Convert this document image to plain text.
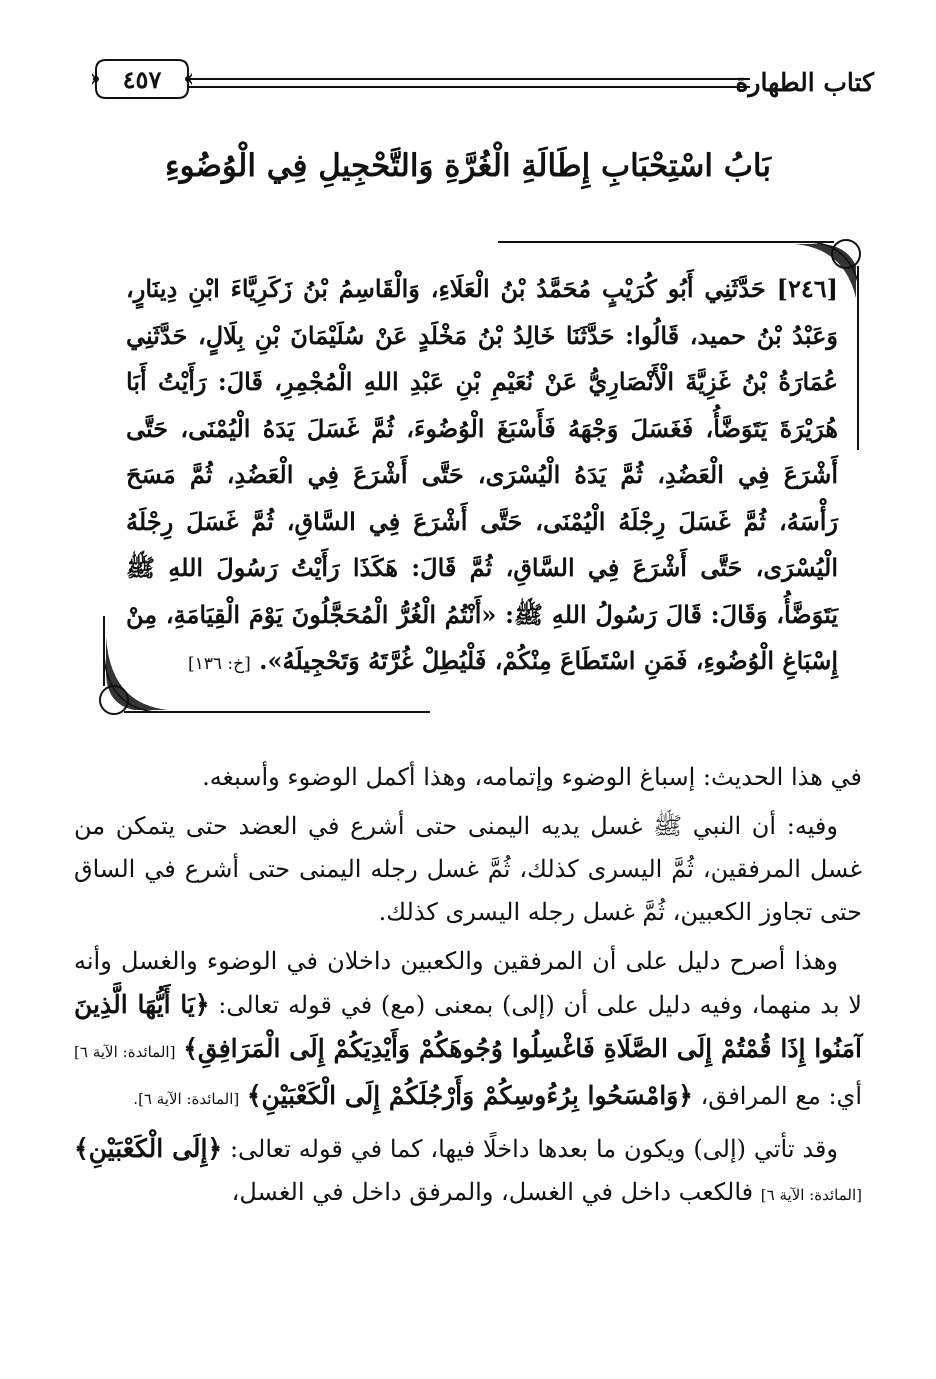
كتاب الطهارة
٤٥٧
بَابُ اسْتِحْبَابِ إِطَالَةِ الْغُرَّةِ وَالتَّحْجِيلِ فِي الْوُضُوءِ
[٢٤٦] حَدَّثَنِي أَبُو كُرَيْبٍ مُحَمَّدُ بْنُ الْعَلَاءِ، وَالْقَاسِمُ بْنُ زَكَرِيَّاءَ ابْنِ دِينَارٍ، وَعَبْدُ بْنُ حميد، قَالُوا: حَدَّثَنَا خَالِدُ بْنُ مَخْلَدٍ عَنْ سُلَيْمَانَ بْنِ بِلَالٍ، حَدَّثَنِي عُمَارَةُ بْنُ غَزِيَّةَ الْأَنْصَارِيُّ عَنْ نُعَيْمِ بْنِ عَبْدِ اللهِ الْمُجْمِرِ، قَالَ: رَأَيْتُ أَبَا هُرَيْرَةَ يَتَوَضَّأُ، فَغَسَلَ وَجْهَهُ فَأَسْبَغَ الْوُضُوءَ، ثُمَّ غَسَلَ يَدَهُ الْيُمْنَى، حَتَّى أَشْرَعَ فِي الْعَضُدِ، ثُمَّ يَدَهُ الْيُسْرَى، حَتَّى أَشْرَعَ فِي الْعَضُدِ، ثُمَّ مَسَحَ رَأْسَهُ، ثُمَّ غَسَلَ رِجْلَهُ الْيُمْنَى، حَتَّى أَشْرَعَ فِي السَّاقِ، ثُمَّ غَسَلَ رِجْلَهُ الْيُسْرَى، حَتَّى أَشْرَعَ فِي السَّاقِ، ثُمَّ قَالَ: هَكَذَا رَأَيْتُ رَسُولَ اللهِ ﷺ يَتَوَضَّأُ، وَقَالَ: قَالَ رَسُولُ اللهِ ﷺ: «أَنْتُمُ الْغُرُّ الْمُحَجَّلُونَ يَوْمَ الْقِيَامَةِ، مِنْ إِسْبَاغِ الْوُضُوءِ، فَمَنِ اسْتَطَاعَ مِنْكُمْ، فَلْيُطِلْ غُرَّتَهُ وَتَحْجِيلَهُ». [خ: ١٣٦]

في هذا الحديث: إسباغ الوضوء وإتمامه، وهذا أكمل الوضوء وأسبغه.

وفيه: أن النبي ﷺ غسل يديه اليمنى حتى أشرع في العضد حتى يتمكن من غسل المرفقين، ثُمَّ اليسرى كذلك، ثُمَّ غسل رجله اليمنى حتى أشرع في الساق حتى تجاوز الكعبين، ثُمَّ غسل رجله اليسرى كذلك.

وهذا أصرح دليل على أن المرفقين والكعبين داخلان في الوضوء والغسل وأنه لا بد منهما، وفيه دليل على أن (إلى) بمعنى (مع) في قوله تعالى: ﴿يَا أَيُّهَا الَّذِينَ آمَنُوا إِذَا قُمْتُمْ إِلَى الصَّلَاةِ فَاغْسِلُوا وُجُوهَكُمْ وَأَيْدِيَكُمْ إِلَى الْمَرَافِقِ﴾ [المائدة: الآية ٦] أي: مع المرافق، ﴿وَامْسَحُوا بِرُءُوسِكُمْ وَأَرْجُلَكُمْ إِلَى الْكَعْبَيْنِ﴾ [المائدة: الآية ٦].

وقد تأتي (إلى) ويكون ما بعدها داخلًا فيها، كما في قوله تعالى: ﴿إِلَى الْكَعْبَيْنِ﴾ [المائدة: الآية ٦] فالكعب داخل في الغسل، والمرفق داخل في الغسل،
